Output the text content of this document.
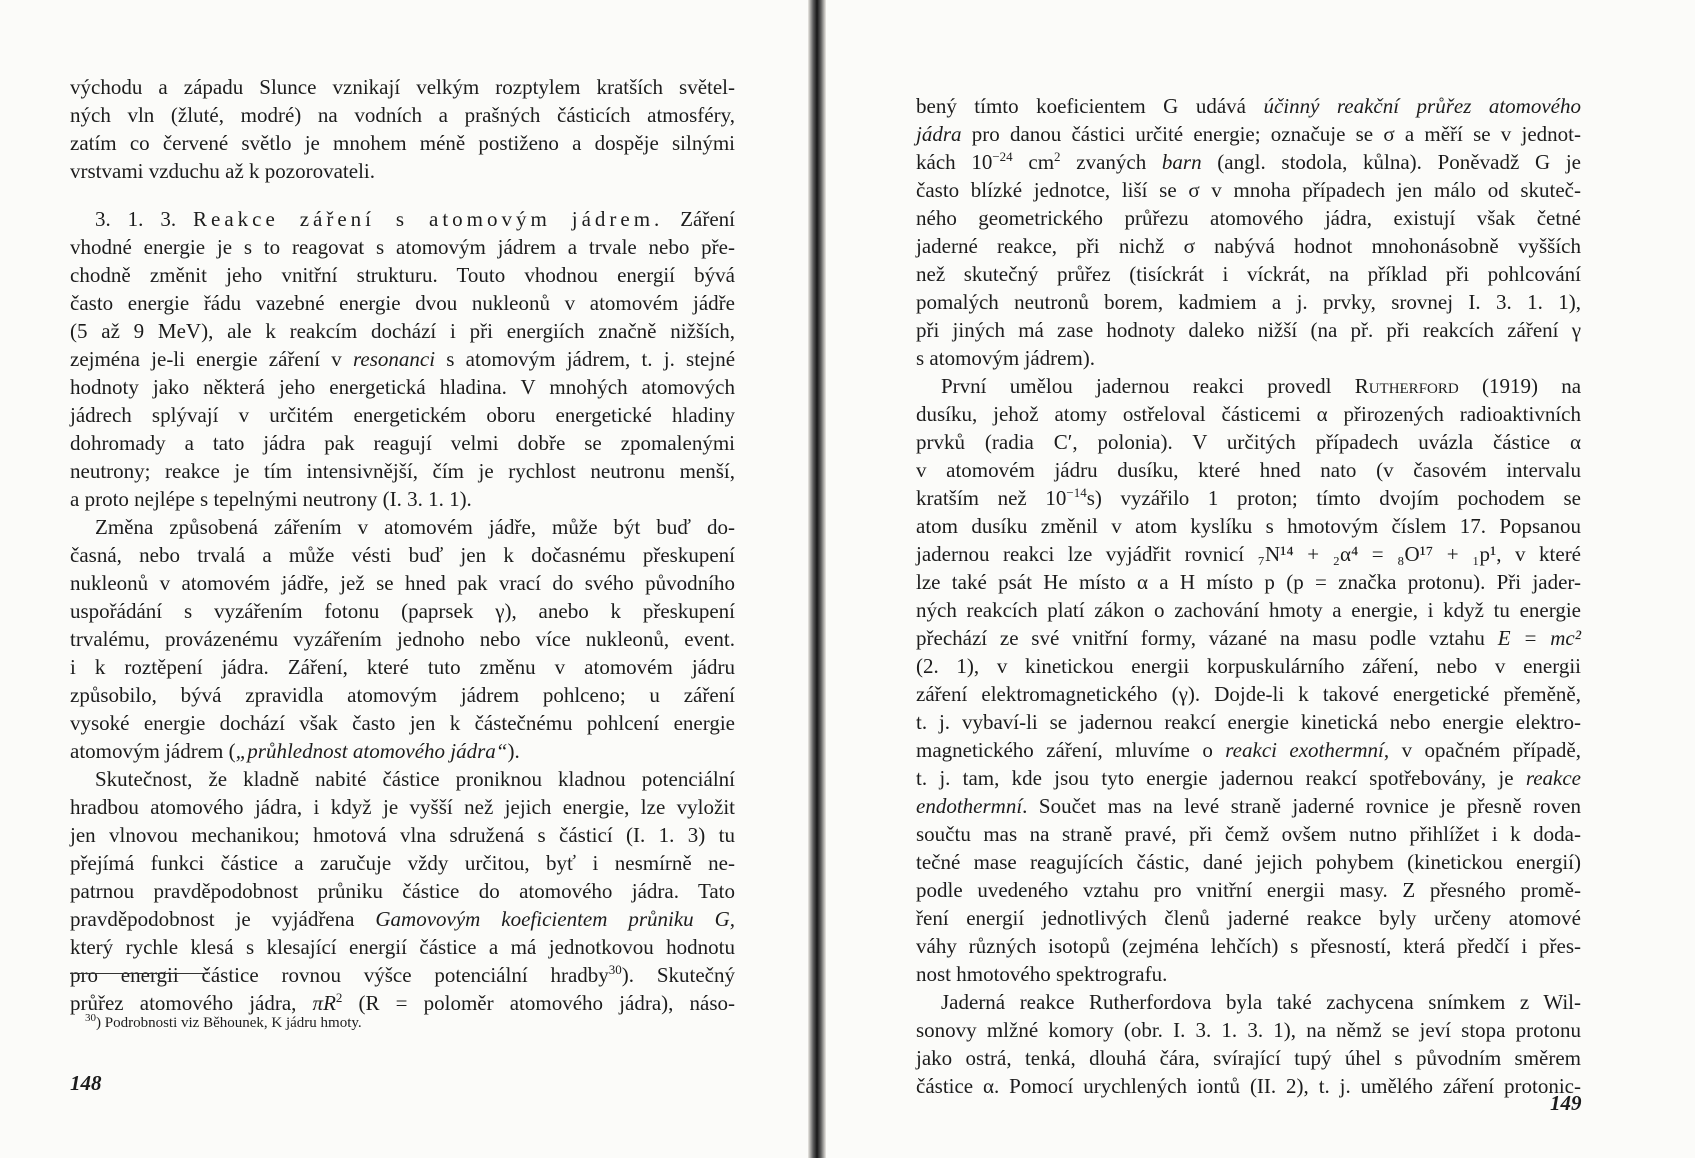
východu a západu Slunce vznikají velkým rozptylem kratších světel-
ných vln (žluté, modré) na vodních a prašných částicích atmosféry,
zatím co červené světlo je mnohem méně postiženo a dospěje silnými
vrstvami vzduchu až k pozorovateli.
3. 1. 3. Reakce záření s atomovým jádrem. Záření
vhodné energie je s to reagovat s atomovým jádrem a trvale nebo pře-
chodně změnit jeho vnitřní strukturu. Touto vhodnou energií bývá
často energie řádu vazebné energie dvou nukleonů v atomovém jádře
(5 až 9 MeV), ale k reakcím dochází i při energiích značně nižších,
zejména je-li energie záření v resonanci s atomovým jádrem, t. j. stejné
hodnoty jako některá jeho energetická hladina. V mnohých atomových
jádrech splývají v určitém energetickém oboru energetické hladiny
dohromady a tato jádra pak reagují velmi dobře se zpomalenými
neutrony; reakce je tím intensivnější, čím je rychlost neutronu menší,
a proto nejlépe s tepelnými neutrony (I. 3. 1. 1).
Změna způsobená zářením v atomovém jádře, může být buď do-
časná, nebo trvalá a může vésti buď jen k dočasnému přeskupení
nukleonů v atomovém jádře, jež se hned pak vrací do svého původního
uspořádání s vyzářením fotonu (paprsek γ), anebo k přeskupení
trvalému, provázenému vyzářením jednoho nebo více nukleonů, event.
i k roztěpení jádra. Záření, které tuto změnu v atomovém jádru
způsobilo, bývá zpravidla atomovým jádrem pohlceno; u záření
vysoké energie dochází však často jen k částečnému pohlcení energie
atomovým jádrem („průhlednost atomového jádra“).
Skutečnost, že kladně nabité částice proniknou kladnou potenciální
hradbou atomového jádra, i když je vyšší než jejich energie, lze vyložit
jen vlnovou mechanikou; hmotová vlna sdružená s částicí (I. 1. 3) tu
přejímá funkci částice a zaručuje vždy určitou, byť i nesmírně ne-
patrnou pravděpodobnost průniku částice do atomového jádra. Tato
pravděpodobnost je vyjádřena Gamovovým koeficientem průniku G,
který rychle klesá s klesající energií částice a má jednotkovou hodnotu
pro energii částice rovnou výšce potenciální hradby$^{30}$). Skutečný
průřez atomového jádra, $\pi R^2$ (R = poloměr atomového jádra), náso-
$^{30}$) Podrobnosti viz Běhounek, K jádru hmoty.
148
bený tímto koeficientem G udává účinný reakční průřez atomového
jádra pro danou částici určité energie; označuje se σ a měří se v jednot-
kách $10^{-24}$ $cm^2$ zvaných barn (angl. stodola, kůlna). Poněvadž G je
často blízké jednotce, liší se σ v mnoha případech jen málo od skuteč-
ného geometrického průřezu atomového jádra, existují však četné
jaderné reakce, při nichž σ nabývá hodnot mnohonásobně vyšších
než skutečný průřez (tisíckrát i víckrát, na příklad při pohlcování
pomalých neutronů borem, kadmiem a j. prvky, srovnej I. 3. 1. 1),
při jiných má zase hodnoty daleko nižší (na př. při reakcích záření γ
s atomovým jádrem).
První umělou jadernou reakci provedl Rutherford (1919) na
dusíku, jehož atomy ostřeloval částicemi α přirozených radioaktivních
prvků (radia C′, polonia). V určitých případech uvázla částice α
v atomovém jádru dusíku, které hned nato (v časovém intervalu
kratším než $10^{-14}s$) vyzářilo 1 proton; tímto dvojím pochodem se
atom dusíku změnil v atom kyslíku s hmotovým číslem 17. Popsanou
jadernou reakci lze vyjádřit rovnicí ₇N¹⁴ + ₂α⁴ = ₈O¹⁷ + ₁p¹, v které
lze také psát He místo α a H místo p (p = značka protonu). Při jader-
ných reakcích platí zákon o zachování hmoty a energie, i když tu energie
přechází ze své vnitřní formy, vázané na masu podle vztahu E = mc²
(2. 1), v kinetickou energii korpuskulárního záření, nebo v energii
záření elektromagnetického (γ). Dojde-li k takové energetické přeměně,
t. j. vybaví-li se jadernou reakcí energie kinetická nebo energie elektro-
magnetického záření, mluvíme o reakci exothermní, v opačném případě,
t. j. tam, kde jsou tyto energie jadernou reakcí spotřebovány, je reakce
endothermní. Součet mas na levé straně jaderné rovnice je přesně roven
součtu mas na straně pravé, při čemž ovšem nutno přihlížet i k doda-
tečné mase reagujících částic, dané jejich pohybem (kinetickou energií)
podle uvedeného vztahu pro vnitřní energii masy. Z přesného promě-
ření energií jednotlivých členů jaderné reakce byly určeny atomové
váhy různých isotopů (zejména lehčích) s přesností, která předčí i přes-
nost hmotového spektrografu.
Jaderná reakce Rutherfordova byla také zachycena snímkem z Wil-
sonovy mlžné komory (obr. I. 3. 1. 3. 1), na němž se jeví stopa protonu
jako ostrá, tenká, dlouhá čára, svírající tupý úhel s původním směrem
částice α. Pomocí urychlených iontů (II. 2), t. j. umělého záření protonic-
149
